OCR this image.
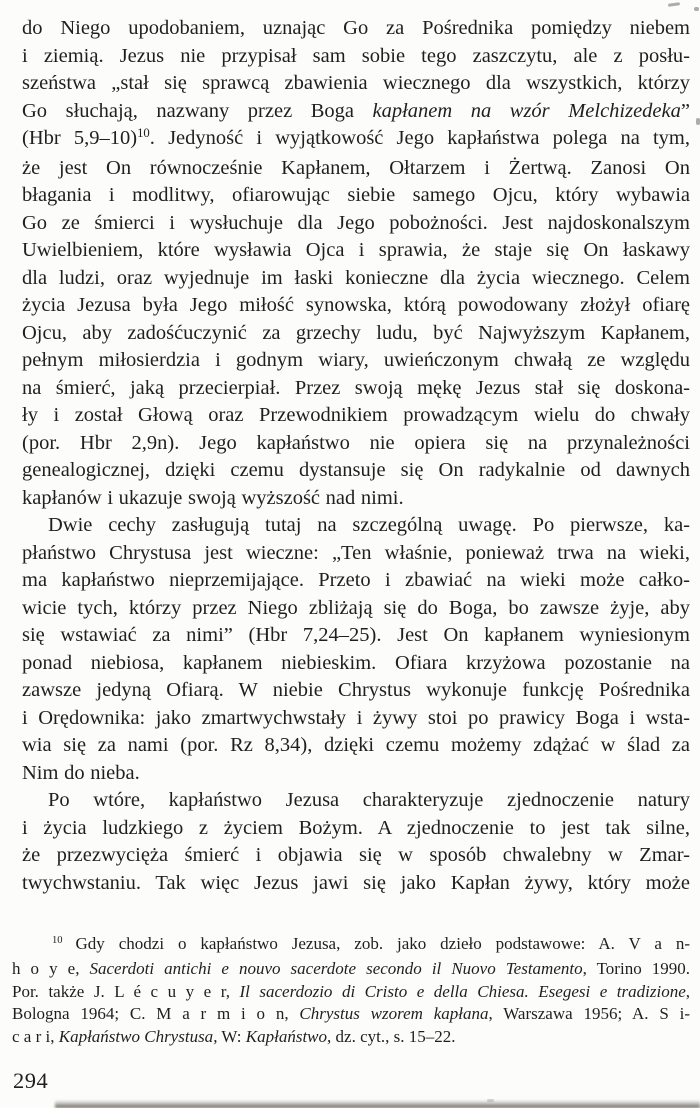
do Niego upodobaniem, uznając Go za Pośrednika pomiędzy niebem
i ziemią. Jezus nie przypisał sam sobie tego zaszczytu, ale z posłu-
szeństwa „stał się sprawcą zbawienia wiecznego dla wszystkich, którzy
Go słuchają, nazwany przez Boga kapłanem na wzór Melchizedeka”
(Hbr 5,9–10)$^{10}$. Jedyność i wyjątkowość Jego kapłaństwa polega na tym,
że jest On równocześnie Kapłanem, Ołtarzem i Żertwą. Zanosi On
błagania i modlitwy, ofiarowując siebie samego Ojcu, który wybawia
Go ze śmierci i wysłuchuje dla Jego pobożności. Jest najdoskonalszym
Uwielbieniem, które wysławia Ojca i sprawia, że staje się On łaskawy
dla ludzi, oraz wyjednuje im łaski konieczne dla życia wiecznego. Celem
życia Jezusa była Jego miłość synowska, którą powodowany złożył ofiarę
Ojcu, aby zadośćuczynić za grzechy ludu, być Najwyższym Kapłanem,
pełnym miłosierdzia i godnym wiary, uwieńczonym chwałą ze względu
na śmierć, jaką przecierpiał. Przez swoją mękę Jezus stał się doskona-
ły i został Głową oraz Przewodnikiem prowadzącym wielu do chwały
(por. Hbr 2,9n). Jego kapłaństwo nie opiera się na przynależności
genealogicznej, dzięki czemu dystansuje się On radykalnie od dawnych
kapłanów i ukazuje swoją wyższość nad nimi.
Dwie cechy zasługują tutaj na szczególną uwagę. Po pierwsze, ka-
płaństwo Chrystusa jest wieczne: „Ten właśnie, ponieważ trwa na wieki,
ma kapłaństwo nieprzemijające. Przeto i zbawiać na wieki może całko-
wicie tych, którzy przez Niego zbliżają się do Boga, bo zawsze żyje, aby
się wstawiać za nimi” (Hbr 7,24–25). Jest On kapłanem wyniesionym
ponad niebiosa, kapłanem niebieskim. Ofiara krzyżowa pozostanie na
zawsze jedyną Ofiarą. W niebie Chrystus wykonuje funkcję Pośrednika
i Orędownika: jako zmartwychwstały i żywy stoi po prawicy Boga i wsta-
wia się za nami (por. Rz 8,34), dzięki czemu możemy zdążać w ślad za
Nim do nieba.
Po wtóre, kapłaństwo Jezusa charakteryzuje zjednoczenie natury
i życia ludzkiego z życiem Bożym. A zjednoczenie to jest tak silne,
że przezwycięża śmierć i objawia się w sposób chwalebny w Zmar-
twychwstaniu. Tak więc Jezus jawi się jako Kapłan żywy, który może
$^{10}$ Gdy chodzi o kapłaństwo Jezusa, zob. jako dzieło podstawowe: A. V a n-
h o y e, Sacerdoti antichi e nouvo sacerdote secondo il Nuovo Testamento, Torino 1990.
Por. także J. L é c u y e r, Il sacerdozio di Cristo e della Chiesa. Esegesi e tradizione,
Bologna 1964; C. M a r m i o n, Chrystus wzorem kapłana, Warszawa 1956; A. S i-
c a r i, Kapłaństwo Chrystusa, W: Kapłaństwo, dz. cyt., s. 15–22.
294
